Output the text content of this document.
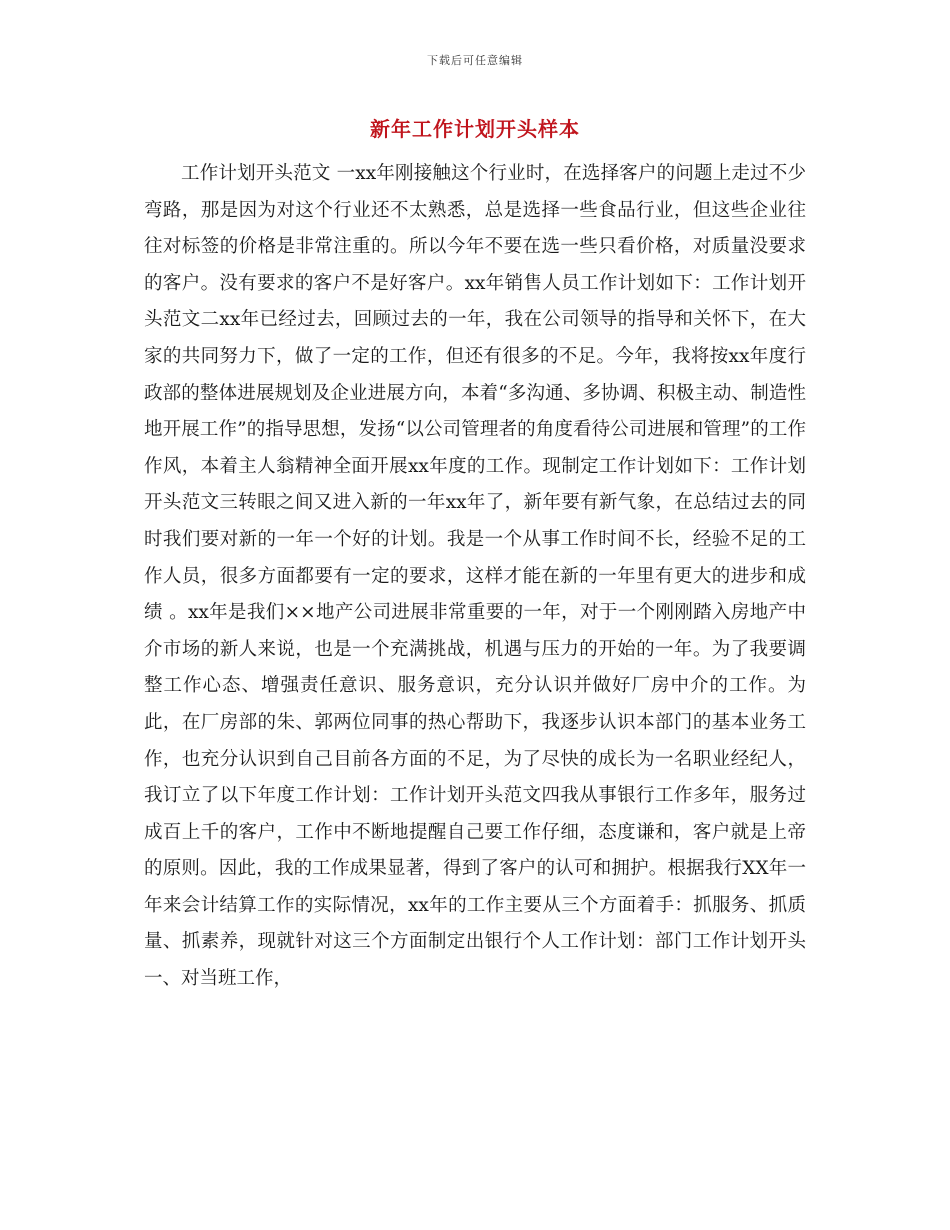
下载后可任意编辑
新年工作计划开头样本

工作计划开头范文 一xx年刚接触这个行业时，在选择客户的问题上走过不少弯路，那是因为对这个行业还不太熟悉，总是选择一些食品行业，但这些企业往往对标签的价格是非常注重的。所以今年不要在选一些只看价格，对质量没要求的客户。没有要求的客户不是好客户。xx年销售人员工作计划如下：工作计划开头范文二xx年已经过去，回顾过去的一年，我在公司领导的指导和关怀下，在大家的共同努力下，做了一定的工作，但还有很多的不足。今年，我将按xx年度行政部的整体进展规划及企业进展方向，本着“多沟通、多协调、积极主动、制造性地开展工作”的指导思想，发扬“以公司管理者的角度看待公司进展和管理”的工作作风，本着主人翁精神全面开展xx年度的工作。现制定工作计划如下：工作计划开头范文三转眼之间又进入新的一年xx年了，新年要有新气象，在总结过去的同时我们要对新的一年一个好的计划。我是一个从事工作时间不长，经验不足的工作人员，很多方面都要有一定的要求，这样才能在新的一年里有更大的进步和成绩 。xx年是我们××地产公司进展非常重要的一年，对于一个刚刚踏入房地产中介市场的新人来说，也是一个充满挑战，机遇与压力的开始的一年。为了我要调整工作心态、增强责任意识、服务意识，充分认识并做好厂房中介的工作。为此，在厂房部的朱、郭两位同事的热心帮助下，我逐步认识本部门的基本业务工作，也充分认识到自己目前各方面的不足，为了尽快的成长为一名职业经纪人，我订立了以下年度工作计划：工作计划开头范文四我从事银行工作多年，服务过成百上千的客户，工作中不断地提醒自己要工作仔细，态度谦和，客户就是上帝的原则。因此，我的工作成果显著，得到了客户的认可和拥护。根据我行XX年一年来会计结算工作的实际情况，xx年的工作主要从三个方面着手：抓服务、抓质量、抓素养，现就针对这三个方面制定出银行个人工作计划：部门工作计划开头一、对当班工作，
